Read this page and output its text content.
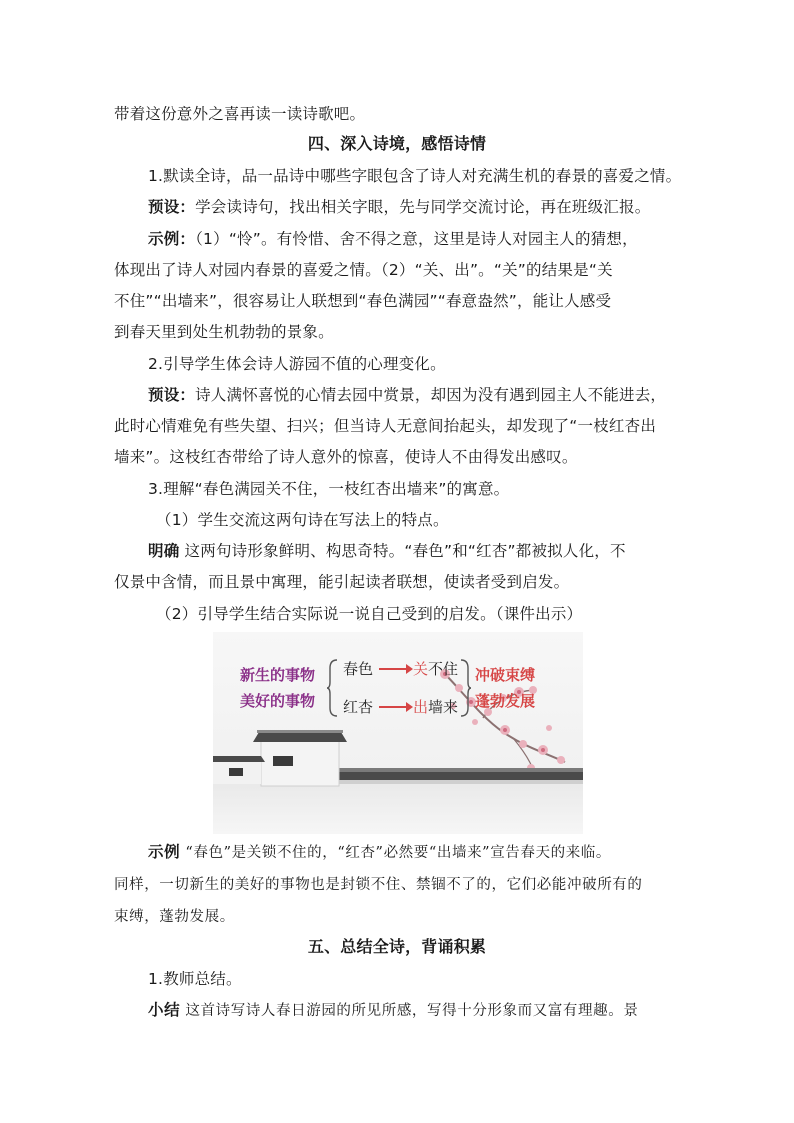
带着这份意外之喜再读一读诗歌吧。
四、深入诗境，感悟诗情
1.默读全诗，品一品诗中哪些字眼包含了诗人对充满生机的春景的喜爱之情。
预设：学会读诗句，找出相关字眼，先与同学交流讨论，再在班级汇报。
示例：（1）“怜”。有怜惜、舍不得之意，这里是诗人对园主人的猜想，
体现出了诗人对园内春景的喜爱之情。（2）“关、出”。“关”的结果是“关
不住”“出墙来”，很容易让人联想到“春色满园”“春意盎然”，能让人感受
到春天里到处生机勃勃的景象。
2.引导学生体会诗人游园不值的心理变化。
预设：诗人满怀喜悦的心情去园中赏景，却因为没有遇到园主人不能进去，
此时心情难免有些失望、扫兴；但当诗人无意间抬起头，却发现了“一枝红杏出
墙来”。这枝红杏带给了诗人意外的惊喜，使诗人不由得发出感叹。
3.理解“春色满园关不住，一枝红杏出墙来”的寓意。
（1）学生交流这两句诗在写法上的特点。
明确 这两句诗形象鲜明、构思奇特。“春色”和“红杏”都被拟人化，不
仅景中含情，而且景中寓理，能引起读者联想，使读者受到启发。
（2）引导学生结合实际说一说自己受到的启发。（课件出示）
新生的事物
美好的事物
春色	关不住
红杏	出墙来
冲破束缚
蓬勃发展
示例 “春色”是关锁不住的，“红杏”必然要“出墙来”宣告春天的来临。
同样，一切新生的美好的事物也是封锁不住、禁锢不了的，它们必能冲破所有的
束缚，蓬勃发展。
五、总结全诗，背诵积累
1.教师总结。
小结 这首诗写诗人春日游园的所见所感，写得十分形象而又富有理趣。景
